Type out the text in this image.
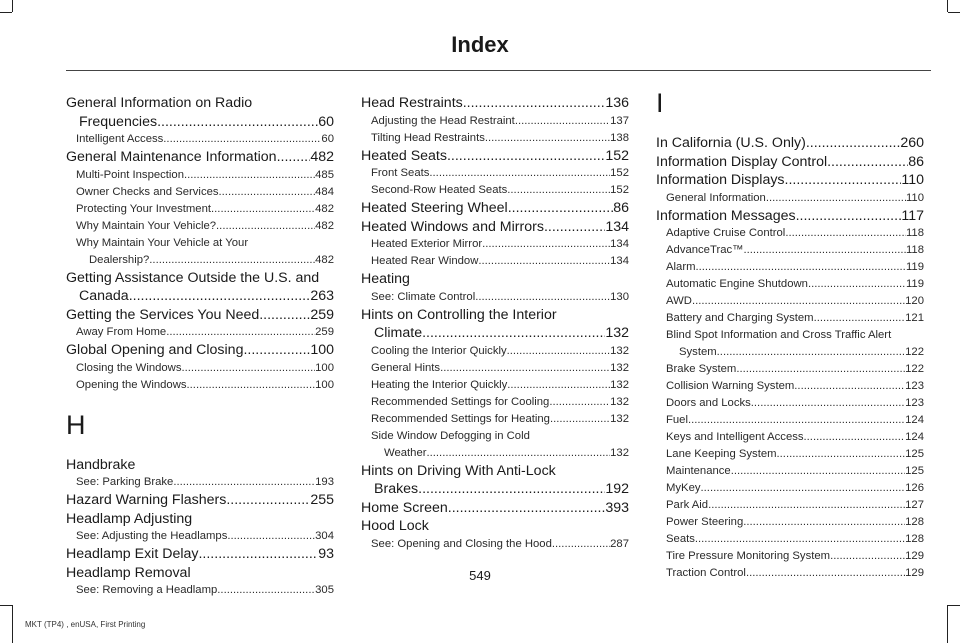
Index
General Information on Radio
Frequencies .....	60
Intelligent Access .....	60
General Maintenance Information ..... 482
Multi-Point Inspection .....	485
Owner Checks and Services .....	484
Protecting Your Investment .....	482
Why Maintain Your Vehicle? .....	482
Why Maintain Your Vehicle at Your
Dealership? .....	482
Getting Assistance Outside the U.S. and
Canada .....	263
Getting the Services You Need .....	259
Away From Home .....	259
Global Opening and Closing .....	100
Closing the Windows .....	100
Opening the Windows .....	100
H
Handbrake
See: Parking Brake .....	193
Hazard Warning Flashers .....	255
Headlamp Adjusting
See: Adjusting the Headlamps .....	304
Headlamp Exit Delay .....	93
Headlamp Removal
See: Removing a Headlamp .....	305
Head Restraints .....	136
Adjusting the Head Restraint .....	137
Tilting Head Restraints .....	138
Heated Seats .....	152
Front Seats .....	152
Second-Row Heated Seats .....	152
Heated Steering Wheel .....	86
Heated Windows and Mirrors .....	134
Heated Exterior Mirror .....	134
Heated Rear Window .....	134
Heating
See: Climate Control .....	130
Hints on Controlling the Interior
Climate .....	132
Cooling the Interior Quickly .....	132
General Hints .....	132
Heating the Interior Quickly .....	132
Recommended Settings for Cooling .....	132
Recommended Settings for Heating .....	132
Side Window Defogging in Cold
Weather .....	132
Hints on Driving With Anti-Lock
Brakes .....	192
Home Screen .....	393
Hood Lock
See: Opening and Closing the Hood .....	287
I
In California (U.S. Only) .....	260
Information Display Control .....	86
Information Displays .....	110
General Information .....	110
Information Messages .....	117
Adaptive Cruise Control .....	118
AdvanceTrac™ .....	118
Alarm .....	119
Automatic Engine Shutdown .....	119
AWD .....	120
Battery and Charging System .....	121
Blind Spot Information and Cross Traffic Alert
System .....	122
Brake System .....	122
Collision Warning System .....	123
Doors and Locks .....	123
Fuel .....	124
Keys and Intelligent Access .....	124
Lane Keeping System .....	125
Maintenance .....	125
MyKey .....	126
Park Aid .....	127
Power Steering .....	128
Seats .....	128
Tire Pressure Monitoring System .....	129
Traction Control .....	129
549
MKT (TP4) , enUSA, First Printing
